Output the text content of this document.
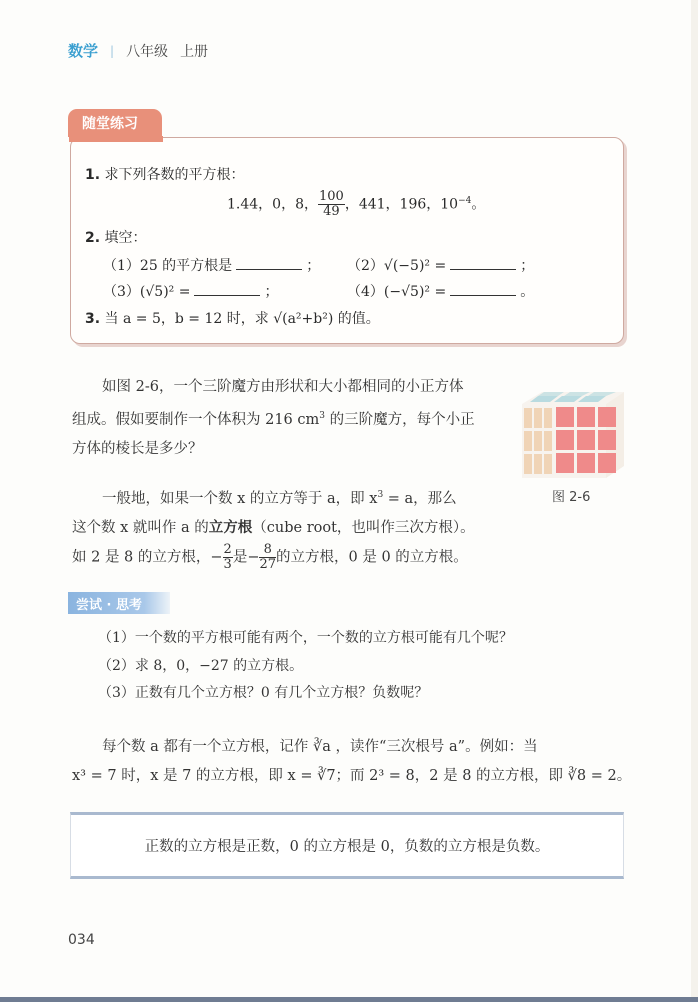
数学 | 八年级 上册
随堂练习
1. 求下列各数的平方根：
1.44，0，8， $\frac{100}{49}$ ，441，196，$10^{-4}$。
2. 填空：
（1）25 的平方根是	； （2）√(−5)² =	；
（3）(√5)² =	；	（4）(−√5)² =	。
3. 当 a = 5，b = 12 时，求 √(a²+b²) 的值。
如图 2-6，一个三阶魔方由形状和大小都相同的小正方体
组成。假如要制作一个体积为 216 $cm^3$ 的三阶魔方，每个小正
方体的棱长是多少？
图 2-6
一般地，如果一个数 x 的立方等于 a，即 $x^3 = a$，那么
这个数 x 就叫作 a 的立方根（cube root，也叫作三次方根）。
如 2 是 8 的立方根，− $\frac{2}{3}$ 是− $\frac{8}{27}$ 的立方根，0 是 0 的立方根。
尝试 · 思考
（1）一个数的平方根可能有两个，一个数的立方根可能有几个呢？
（2）求 8，0，−27 的立方根。
（3）正数有几个立方根？0 有几个立方根？负数呢？
每个数 a 都有一个立方根，记作 ∛a ，读作“三次根号 a”。例如：当
x³ = 7 时，x 是 7 的立方根，即 x = ∛7；而 2³ = 8，2 是 8 的立方根，即 ∛8 = 2。
正数的立方根是正数，0 的立方根是 0，负数的立方根是负数。
034
